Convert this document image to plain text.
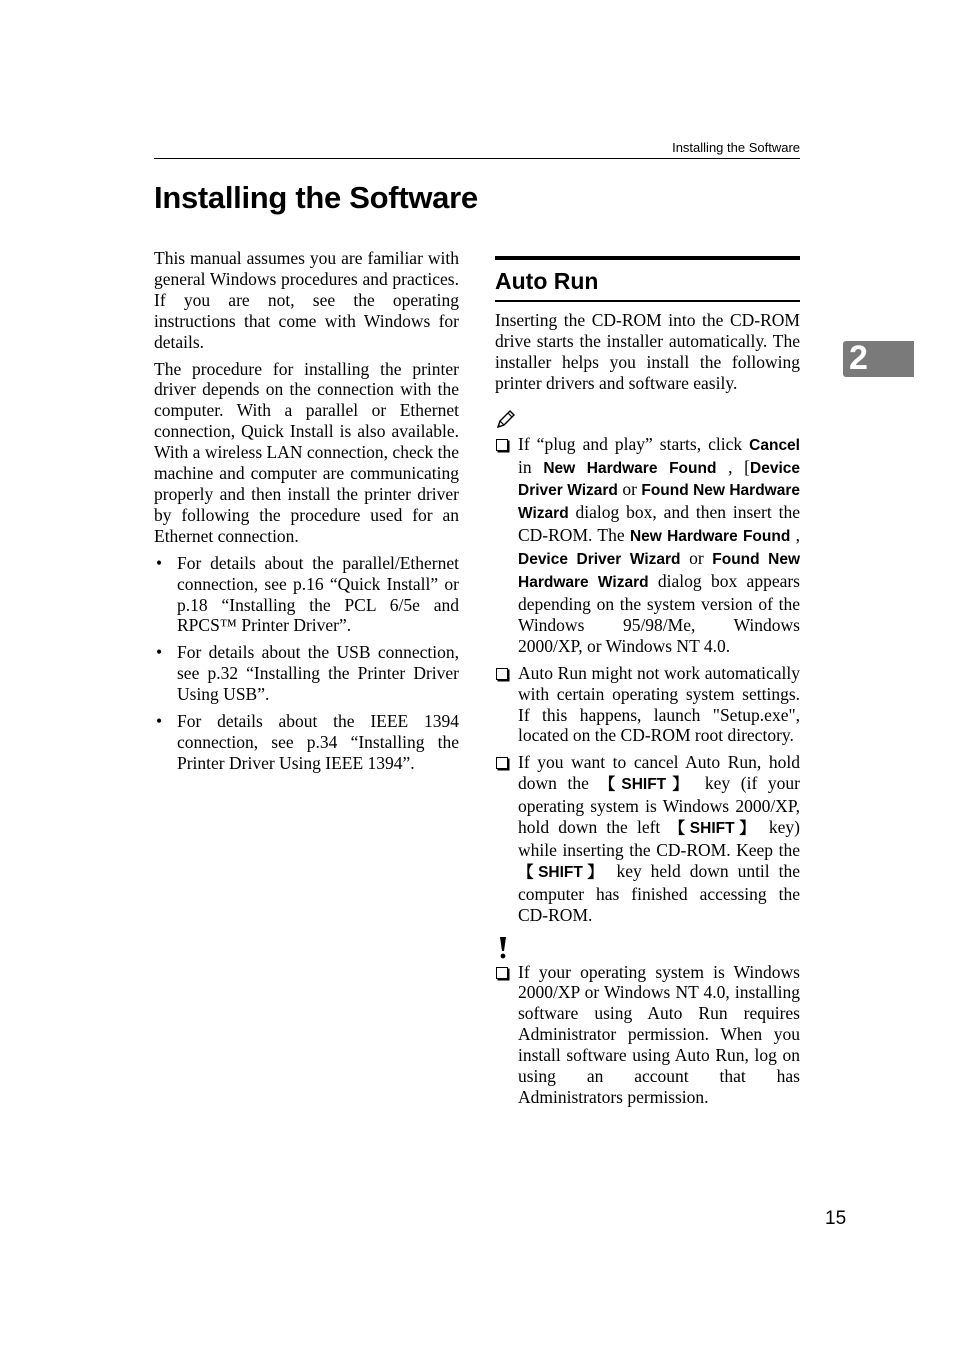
Installing the Software
Installing the Software

This manual assumes you are familiar with general Windows procedures and practices. If you are not, see the operating instructions that come with Windows for details.

The procedure for installing the printer driver depends on the connection with the computer. With a parallel or Ethernet connection, Quick Install is also available. With a wireless LAN connection, check the machine and computer are communicating properly and then install the printer driver by following the procedure used for an Ethernet connection.

• For details about the parallel/Ethernet connection, see p.16 “Quick Install” or p.18 “Installing the PCL 6/5e and RPCS™ Printer Driver”.
• For details about the USB connection, see p.32 “Installing the Printer Driver Using USB”.
• For details about the IEEE 1394 connection, see p.34 “Installing the Printer Driver Using IEEE 1394”.
Auto Run

Inserting the CD-ROM into the CD-ROM drive starts the installer automatically. The installer helps you install the following printer drivers and software easily.

If “plug and play” starts, click Cancel in New Hardware Found , [Device Driver Wizard or Found New Hardware Wizard dialog box, and then insert the CD-ROM. The New Hardware Found , Device Driver Wizard or Found New Hardware Wizard dialog box appears depending on the system version of the Windows 95/98/Me, Windows 2000/XP, or Windows NT 4.0.
Auto Run might not work automatically with certain operating system settings. If this happens, launch "Setup.exe", located on the CD-ROM root directory.
If you want to cancel Auto Run, hold down the 【SHIFT】 key (if your operating system is Windows 2000/XP, hold down the left 【SHIFT】 key) while inserting the CD-ROM. Keep the 【SHIFT】 key held down until the computer has finished accessing the CD-ROM.
If your operating system is Windows 2000/XP or Windows NT 4.0, installing software using Auto Run requires Administrator permission. When you install software using Auto Run, log on using an account that has Administrators permission.
2
15
